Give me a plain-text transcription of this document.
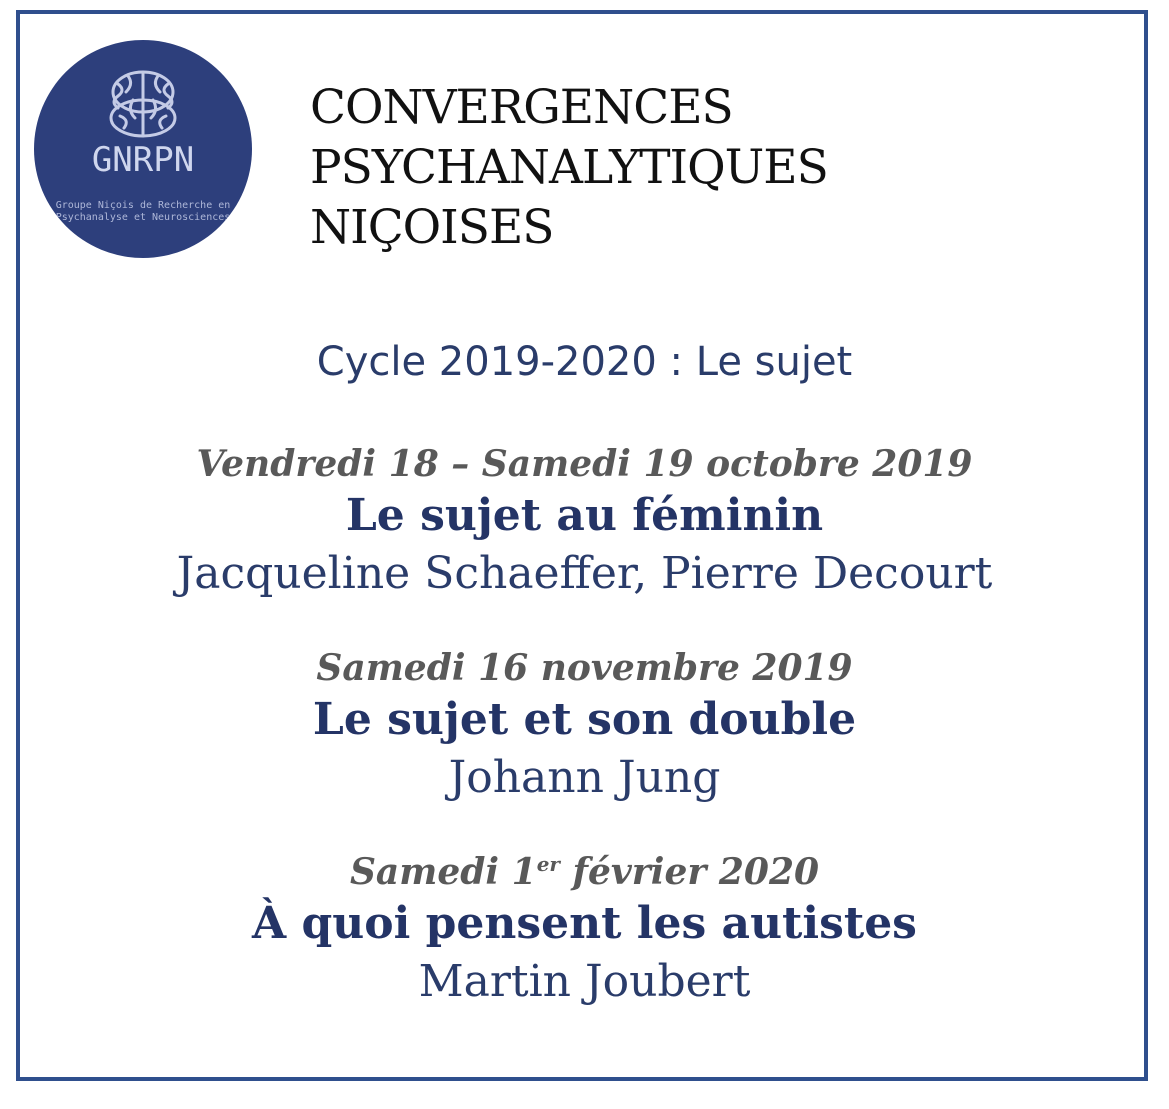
GNRPN
Groupe Niçois de Recherche en Psychanalyse et Neurosciences
CONVERGENCES
PSYCHANALYTIQUES
NIÇOISES
Cycle 2019-2020 : Le sujet
Vendredi 18 – Samedi 19 octobre 2019
Le sujet au féminin
Jacqueline Schaeffer, Pierre Decourt
Samedi 16 novembre 2019
Le sujet et son double
Johann Jung
Samedi 1er février 2020
À quoi pensent les autistes
Martin Joubert
